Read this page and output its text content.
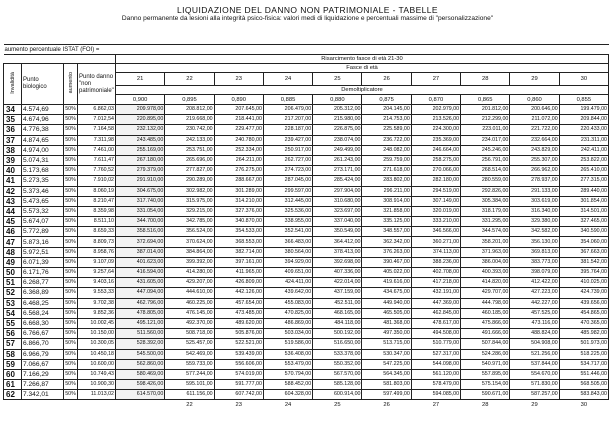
LIQUIDAZIONE DEL DANNO NON PATRIMONIALE - TABELLE
Danno permanente da lesioni alla integrità psico-fisica: valori medi di liquidazione e percentuali massime di "personalizzazione"
aumento percentuale ISTAT (FOI) =													
				Risarcimento fasce di età 21-30									
Invalidità	Punto biologico	aumento	Punto danno "non patrimoniale"	Fasce di età									
				21	22	23	24	25	26	27	28	29	30
				Demoltiplicatore									
				0,900	0,895	0,890	0,885	0,880	0,875	0,870	0,865	0,860	0,855
34	4.574,69	50%	6.862,03	209.978,00	208.812,00	207.645,00	206.479,00	205.312,00	204.145,00	202.979,00	201.812,00	200.646,00	199.479,00
35	4.674,96	50%	7.012,54	220.895,00	219.668,00	218.441,00	217.207,00	215.980,00	214.753,00	213.526,00	212.299,00	211.072,00	209.844,00
36	4.776,38	50%	7.164,58	232.132,00	230.742,00	229.477,00	228.187,00	226.875,00	225.589,00	224.300,00	223.011,00	221.722,00	220.433,00
37	4.874,65	50%	7.311,98	243.485,00	242.133,00	240.780,00	239.427,00	238.074,00	236.722,00	235.369,00	234.017,00	232.664,00	231.311,00
38	4.974,00	50%	7.461,00	255.169,00	253.751,00	252.334,00	250.917,00	249.499,00	248.082,00	246.664,00	245.246,00	243.829,00	242.411,00
39	5.074,31	50%	7.611,47	267.180,00	265.696,00	264.211,00	262.727,00	261.243,00	259.759,00	258.275,00	256.791,00	255.307,00	253.822,00
40	5.173,68	50%	7.760,52	279.379,00	277.827,00	276.275,00	274.723,00	273.171,00	271.618,00	270.066,00	268.514,00	266.962,00	265.410,00
41	5.273,35	50%	7.910,02	291.910,00	290.289,00	288.667,00	287.045,00	285.424,00	283.802,00	282.180,00	280.559,00	278.937,00	277.315,00
42	5.373,46	50%	8.060,19	304.675,00	302.982,00	301.289,00	299.597,00	297.904,00	296.211,00	294.519,00	292.826,00	291.133,00	289.440,00
43	5.473,65	50%	8.210,47	317.740,00	315.975,00	314.210,00	312.445,00	310.680,00	308.914,00	307.149,00	305.384,00	303.619,00	301.854,00
44	5.573,32	50%	8.359,98	331.054,00	329.215,00	327.376,00	325.536,00	323.697,00	321.858,00	320.019,00	318.179,00	316.340,00	314.501,00
45	5.674,07	50%	8.511,10	344.700,00	342.785,00	340.870,00	338.955,00	337.040,00	335.125,00	333.210,00	331.295,00	329.380,00	327.465,00
46	5.772,89	50%	8.659,33	358.516,00	356.524,00	354.533,00	352.541,00	350.549,00	348.557,00	346.566,00	344.574,00	342.582,00	340.590,00
47	5.873,16	50%	8.809,73	372.694,00	370.624,00	368.553,00	366.483,00	364.412,00	362.342,00	360.271,00	358.201,00	356.130,00	354.060,00
48	5.972,51	50%	8.958,76	387.014,00	384.864,00	382.714,00	380.564,00	378.413,00	376.263,00	374.113,00	371.963,00	369.813,00	367.663,00
49	6.071,39	50%	9.107,09	401.623,00	399.392,00	397.161,00	394.929,00	392.698,00	390.467,00	388.236,00	386.004,00	383.773,00	381.542,00
50	6.171,76	50%	9.257,64	416.594,00	414.280,00	411.965,00	409.651,00	407.336,00	405.022,00	402.708,00	400.393,00	398.079,00	395.764,00
51	6.268,77	50%	9.403,16	431.605,00	429.207,00	426.809,00	424.411,00	422.014,00	419.616,00	417.218,00	414.820,00	412.422,00	410.025,00
52	6.368,89	50%	9.553,33	447.094,00	444.610,00	442.126,00	439.642,00	437.159,00	434.675,00	432.191,00	429.707,00	427.223,00	424.739,00
53	6.468,25	50%	9.702,38	462.796,00	460.225,00	457.654,00	455.083,00	452.511,00	449.940,00	447.369,00	444.798,00	442.227,00	439.656,00
54	6.568,24	50%	9.852,36	478.805,00	476.145,00	473.485,00	470.825,00	468.165,00	465.505,00	462.845,00	460.185,00	457.525,00	454.865,00
55	6.668,30	50%	10.002,45	495.121,00	492.370,00	489.620,00	486.869,00	484.118,00	481.368,00	478.617,00	475.866,00	473.116,00	470.365,00
56	6.766,67	50%	10.150,00	511.560,00	508.718,00	505.876,00	503.034,00	500.192,00	497.350,00	494.508,00	491.666,00	488.824,00	485.982,00
57	6.866,70	50%	10.300,05	528.392,00	525.457,00	522.521,00	519.586,00	516.650,00	513.715,00	510.779,00	507.844,00	504.908,00	501.973,00
58	6.966,79	50%	10.450,18	545.500,00	542.469,00	539.439,00	536.408,00	533.378,00	530.347,00	527.317,00	524.286,00	521.256,00	518.225,00
59	7.066,67	50%	10.600,00	562.860,00	559.733,00	556.606,00	553.479,00	550.352,00	547.225,00	544.098,00	540.971,00	537.844,00	534.717,00
60	7.166,29	50%	10.749,43	580.469,00	577.244,00	574.019,00	570.794,00	567.570,00	564.345,00	561.120,00	557.895,00	554.670,00	551.446,00
61	7.266,87	50%	10.900,30	598.426,00	595.101,00	591.777,00	588.452,00	585.128,00	581.803,00	578.479,00	575.154,00	571.830,00	568.505,00
62	7.342,01	50%	11.013,02	614.570,00	611.156,00	607.742,00	604.328,00	600.914,00	597.499,00	594.085,00	590.671,00	587.257,00	583.843,00
					22	23	24	25	26	27	28	29	30
